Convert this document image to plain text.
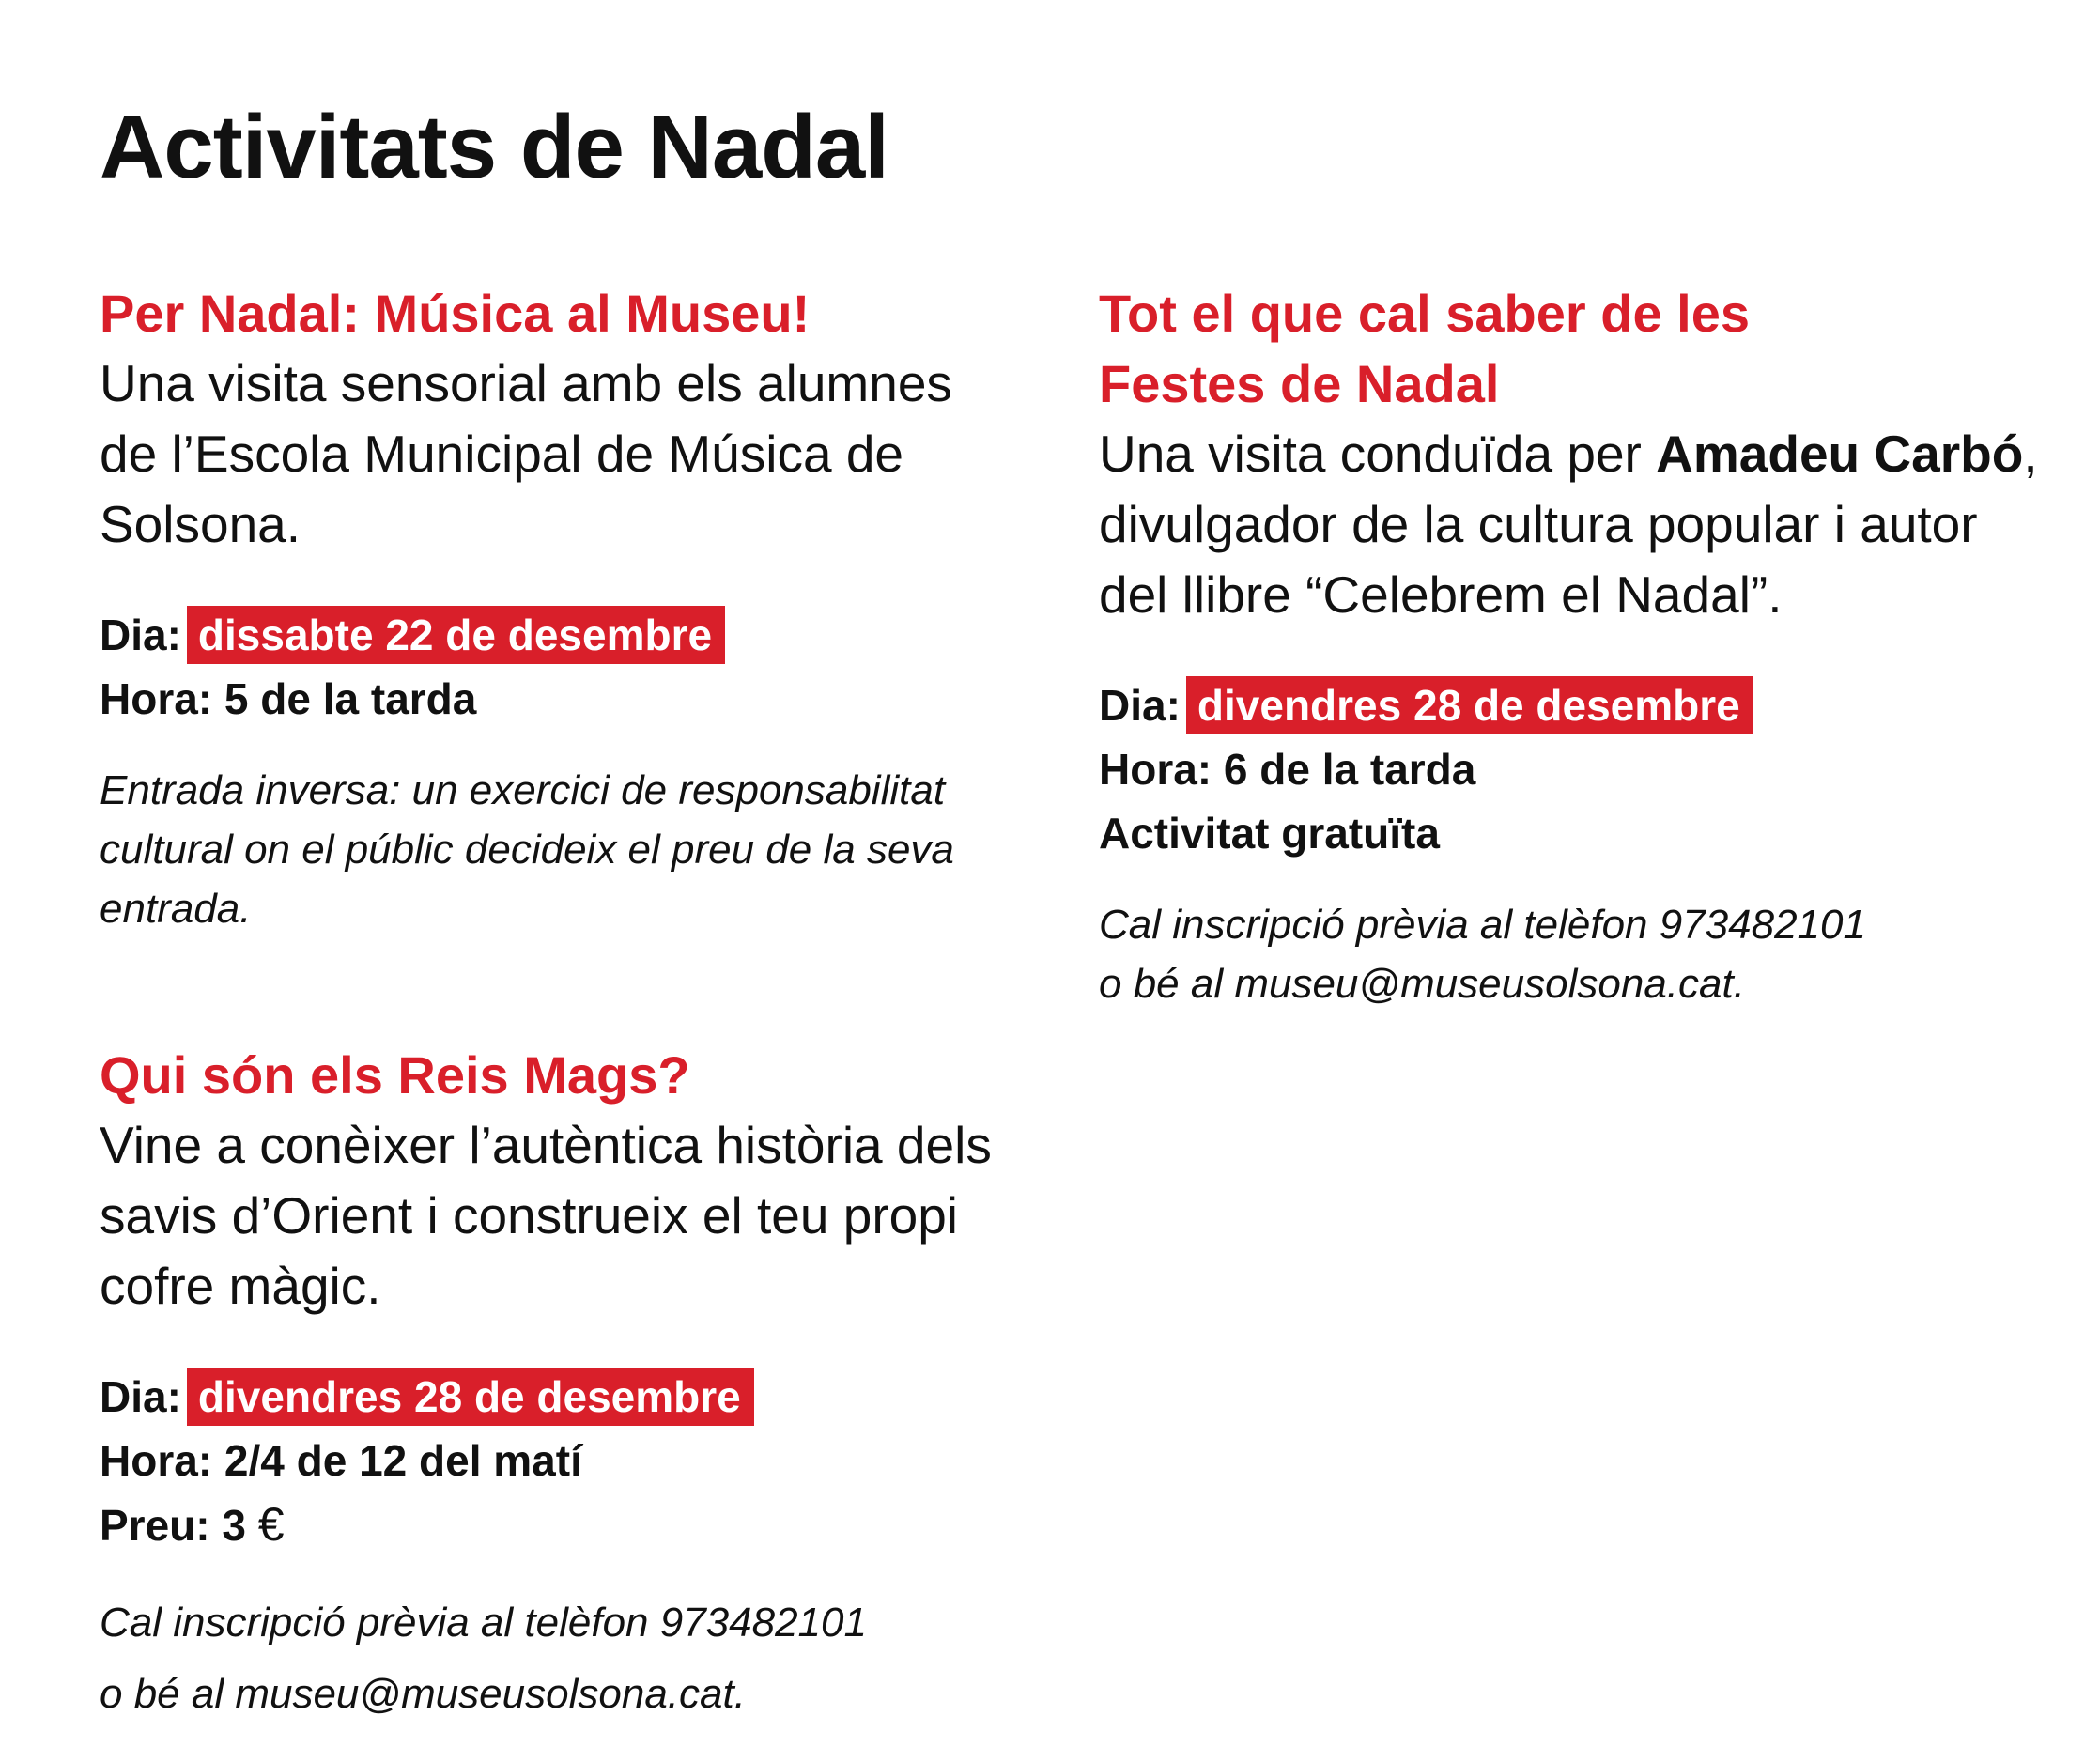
Activitats de Nadal

Per Nadal: Música al Museu!

Una visita sensorial amb els alumnes de l’Escola Municipal de Música de Solsona.

Dia: dissabte 22 de desembre

Hora: 5 de la tarda

Entrada inversa: un exercici de responsabilitat cultural on el públic decideix el preu de la seva entrada.

Qui són els Reis Mags?

Vine a conèixer l’autèntica història dels savis d’Orient i construeix el teu propi cofre màgic.

Dia: divendres 28 de desembre

Hora: 2/4 de 12 del matí

Preu: 3 €

Cal inscripció prèvia al telèfon 973482101
o bé al museu@museusolsona.cat.

Tot el que cal saber de les
Festes de Nadal

Una visita conduïda per Amadeu Carbó, divulgador de la cultura popular i autor del llibre “Celebrem el Nadal”.

Dia: divendres 28 de desembre

Hora: 6 de la tarda

Activitat gratuïta

Cal inscripció prèvia al telèfon 973482101
o bé al museu@museusolsona.cat.
